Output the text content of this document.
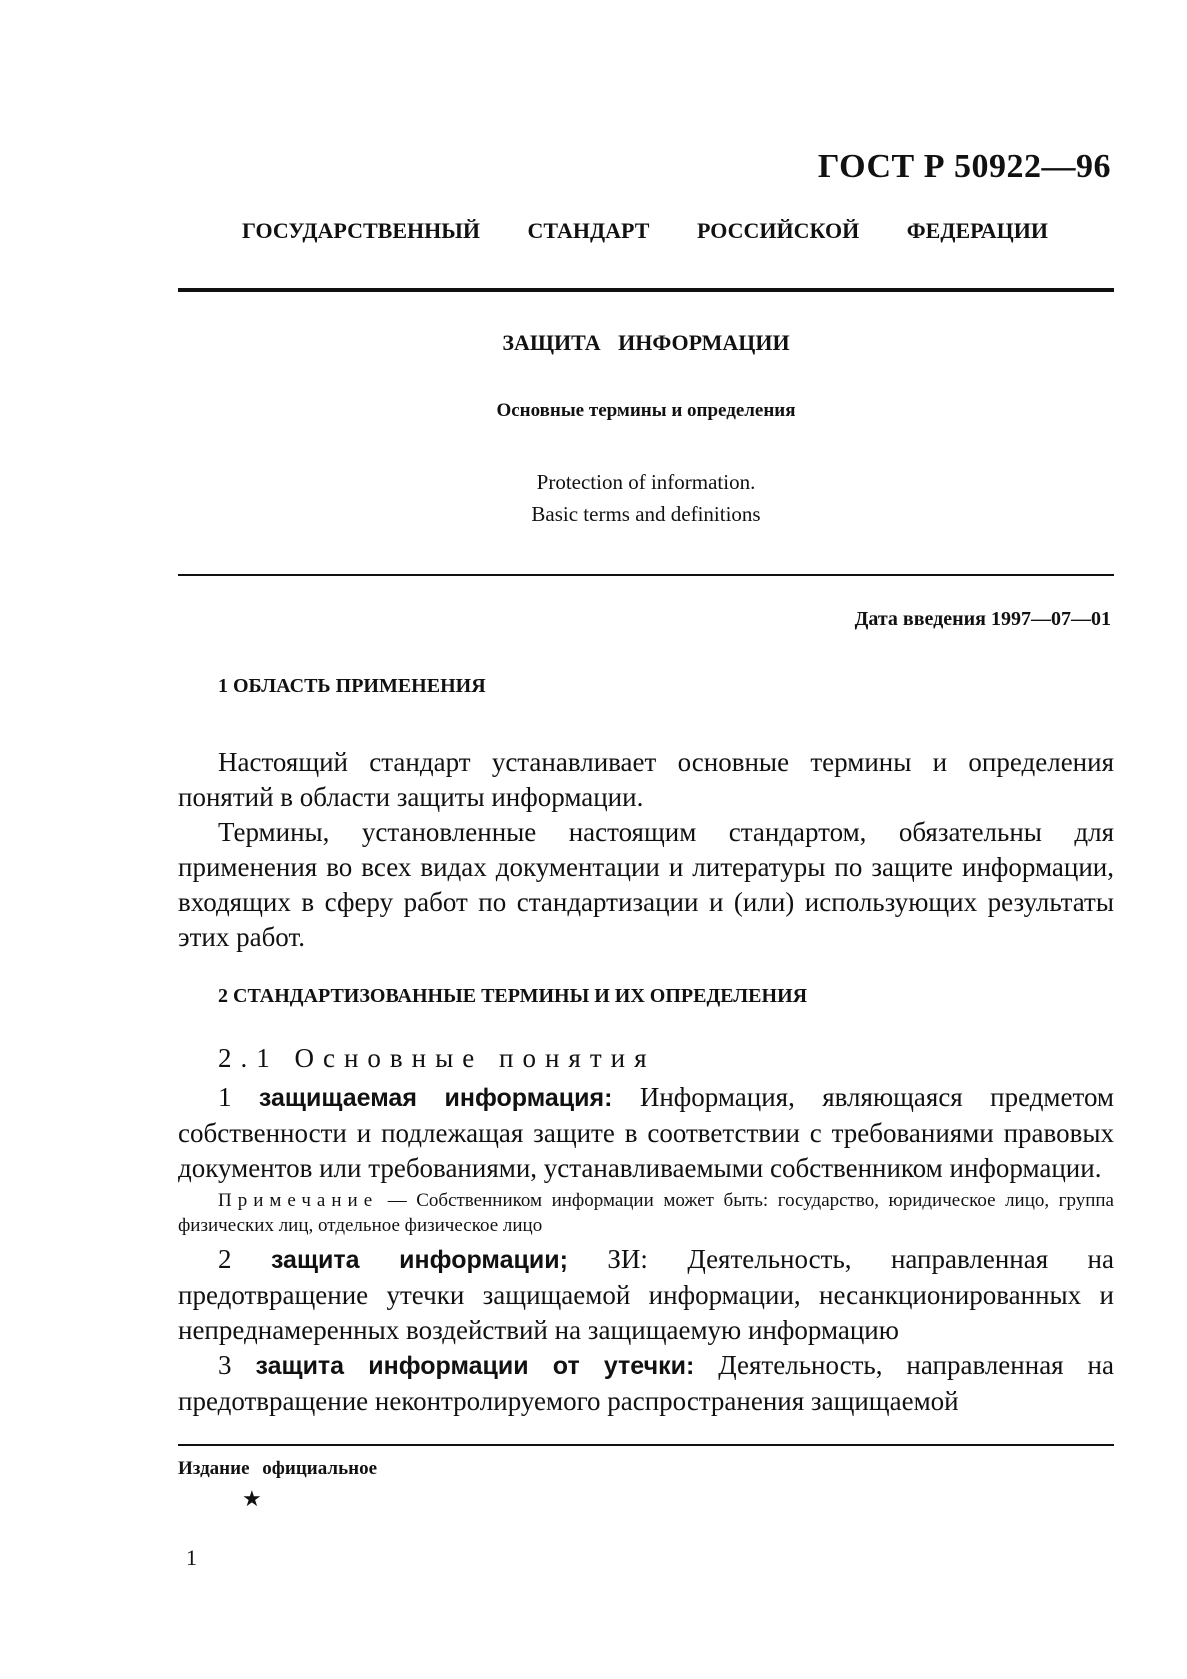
ГОСТ Р 50922—96
ГОСУДАРСТВЕННЫЙ СТАНДАРТ РОССИЙСКОЙ ФЕДЕРАЦИИ
ЗАЩИТА ИНФОРМАЦИИ
Основные термины и определения
Protection of information.
Basic terms and definitions
Дата введения 1997—07—01
1 ОБЛАСТЬ ПРИМЕНЕНИЯ

Настоящий стандарт устанавливает основные термины и определения понятий в области защиты информации.

Термины, установленные настоящим стандартом, обязательны для применения во всех видах документации и литературы по защите информации, входящих в сферу работ по стандартизации и (или) использующих результаты этих работ.

2 СТАНДАРТИЗОВАННЫЕ ТЕРМИНЫ И ИХ ОПРЕДЕЛЕНИЯ
2.1 Основные понятия

1 защищаемая информация: Информация, являющаяся предметом собственности и подлежащая защите в соответствии с требованиями правовых документов или требованиями, устанавливаемыми собственником информации.

Примечание — Собственником информации может быть: государство, юридическое лицо, группа физических лиц, отдельное физическое лицо

2 защита информации; ЗИ: Деятельность, направленная на предотвращение утечки защищаемой информации, несанкционированных и непреднамеренных воздействий на защищаемую информацию

3 защита информации от утечки: Деятельность, направленная на предотвращение неконтролируемого распространения защищаемой

Издание официальное
★
1
